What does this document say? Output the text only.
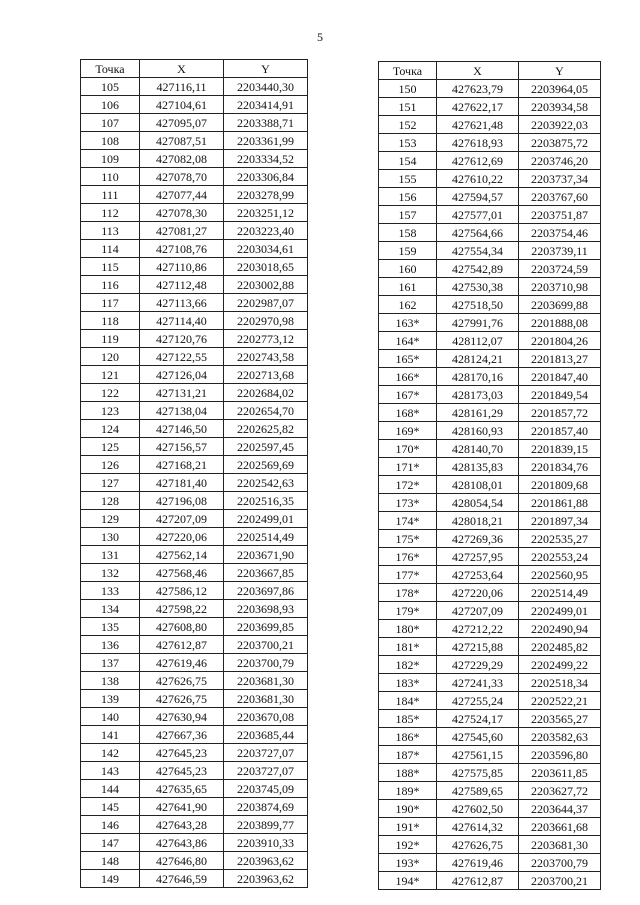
5
Точка	X	Y
105	427116,11	2203440,30
106	427104,61	2203414,91
107	427095,07	2203388,71
108	427087,51	2203361,99
109	427082,08	2203334,52
110	427078,70	2203306,84
111	427077,44	2203278,99
112	427078,30	2203251,12
113	427081,27	2203223,40
114	427108,76	2203034,61
115	427110,86	2203018,65
116	427112,48	2203002,88
117	427113,66	2202987,07
118	427114,40	2202970,98
119	427120,76	2202773,12
120	427122,55	2202743,58
121	427126,04	2202713,68
122	427131,21	2202684,02
123	427138,04	2202654,70
124	427146,50	2202625,82
125	427156,57	2202597,45
126	427168,21	2202569,69
127	427181,40	2202542,63
128	427196,08	2202516,35
129	427207,09	2202499,01
130	427220,06	2202514,49
131	427562,14	2203671,90
132	427568,46	2203667,85
133	427586,12	2203697,86
134	427598,22	2203698,93
135	427608,80	2203699,85
136	427612,87	2203700,21
137	427619,46	2203700,79
138	427626,75	2203681,30
139	427626,75	2203681,30
140	427630,94	2203670,08
141	427667,36	2203685,44
142	427645,23	2203727,07
143	427645,23	2203727,07
144	427635,65	2203745,09
145	427641,90	2203874,69
146	427643,28	2203899,77
147	427643,86	2203910,33
148	427646,80	2203963,62
149	427646,59	2203963,62
Точка	X	Y
150	427623,79	2203964,05
151	427622,17	2203934,58
152	427621,48	2203922,03
153	427618,93	2203875,72
154	427612,69	2203746,20
155	427610,22	2203737,34
156	427594,57	2203767,60
157	427577,01	2203751,87
158	427564,66	2203754,46
159	427554,34	2203739,11
160	427542,89	2203724,59
161	427530,38	2203710,98
162	427518,50	2203699,88
163*	427991,76	2201888,08
164*	428112,07	2201804,26
165*	428124,21	2201813,27
166*	428170,16	2201847,40
167*	428173,03	2201849,54
168*	428161,29	2201857,72
169*	428160,93	2201857,40
170*	428140,70	2201839,15
171*	428135,83	2201834,76
172*	428108,01	2201809,68
173*	428054,54	2201861,88
174*	428018,21	2201897,34
175*	427269,36	2202535,27
176*	427257,95	2202553,24
177*	427253,64	2202560,95
178*	427220,06	2202514,49
179*	427207,09	2202499,01
180*	427212,22	2202490,94
181*	427215,88	2202485,82
182*	427229,29	2202499,22
183*	427241,33	2202518,34
184*	427255,24	2202522,21
185*	427524,17	2203565,27
186*	427545,60	2203582,63
187*	427561,15	2203596,80
188*	427575,85	2203611,85
189*	427589,65	2203627,72
190*	427602,50	2203644,37
191*	427614,32	2203661,68
192*	427626,75	2203681,30
193*	427619,46	2203700,79
194*	427612,87	2203700,21
